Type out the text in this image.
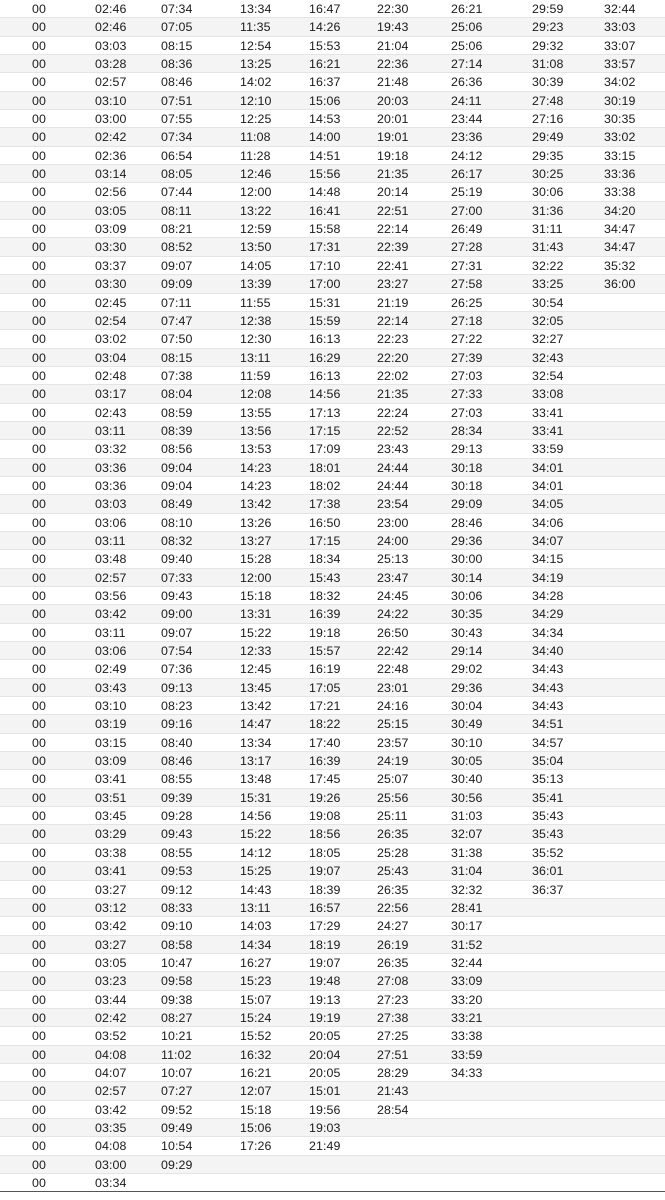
00	02:46	07:34	13:34	16:47	22:30	26:21	29:59	32:44
00	02:46	07:05	11:35	14:26	19:43	25:06	29:23	33:03
00	03:03	08:15	12:54	15:53	21:04	25:06	29:32	33:07
00	03:28	08:36	13:25	16:21	22:36	27:14	31:08	33:57
00	02:57	08:46	14:02	16:37	21:48	26:36	30:39	34:02
00	03:10	07:51	12:10	15:06	20:03	24:11	27:48	30:19
00	03:00	07:55	12:25	14:53	20:01	23:44	27:16	30:35
00	02:42	07:34	11:08	14:00	19:01	23:36	29:49	33:02
00	02:36	06:54	11:28	14:51	19:18	24:12	29:35	33:15
00	03:14	08:05	12:46	15:56	21:35	26:17	30:25	33:36
00	02:56	07:44	12:00	14:48	20:14	25:19	30:06	33:38
00	03:05	08:11	13:22	16:41	22:51	27:00	31:36	34:20
00	03:09	08:21	12:59	15:58	22:14	26:49	31:11	34:47
00	03:30	08:52	13:50	17:31	22:39	27:28	31:43	34:47
00	03:37	09:07	14:05	17:10	22:41	27:31	32:22	35:32
00	03:30	09:09	13:39	17:00	23:27	27:58	33:25	36:00
00	02:45	07:11	11:55	15:31	21:19	26:25	30:54
00	02:54	07:47	12:38	15:59	22:14	27:18	32:05
00	03:02	07:50	12:30	16:13	22:23	27:22	32:27
00	03:04	08:15	13:11	16:29	22:20	27:39	32:43
00	02:48	07:38	11:59	16:13	22:02	27:03	32:54
00	03:17	08:04	12:08	14:56	21:35	27:33	33:08
00	02:43	08:59	13:55	17:13	22:24	27:03	33:41
00	03:11	08:39	13:56	17:15	22:52	28:34	33:41
00	03:32	08:56	13:53	17:09	23:43	29:13	33:59
00	03:36	09:04	14:23	18:01	24:44	30:18	34:01
00	03:36	09:04	14:23	18:02	24:44	30:18	34:01
00	03:03	08:49	13:42	17:38	23:54	29:09	34:05
00	03:06	08:10	13:26	16:50	23:00	28:46	34:06
00	03:11	08:32	13:27	17:15	24:00	29:36	34:07
00	03:48	09:40	15:28	18:34	25:13	30:00	34:15
00	02:57	07:33	12:00	15:43	23:47	30:14	34:19
00	03:56	09:43	15:18	18:32	24:45	30:06	34:28
00	03:42	09:00	13:31	16:39	24:22	30:35	34:29
00	03:11	09:07	15:22	19:18	26:50	30:43	34:34
00	03:06	07:54	12:33	15:57	22:42	29:14	34:40
00	02:49	07:36	12:45	16:19	22:48	29:02	34:43
00	03:43	09:13	13:45	17:05	23:01	29:36	34:43
00	03:10	08:23	13:42	17:21	24:16	30:04	34:43
00	03:19	09:16	14:47	18:22	25:15	30:49	34:51
00	03:15	08:40	13:34	17:40	23:57	30:10	34:57
00	03:09	08:46	13:17	16:39	24:19	30:05	35:04
00	03:41	08:55	13:48	17:45	25:07	30:40	35:13
00	03:51	09:39	15:31	19:26	25:56	30:56	35:41
00	03:45	09:28	14:56	19:08	25:11	31:03	35:43
00	03:29	09:43	15:22	18:56	26:35	32:07	35:43
00	03:38	08:55	14:12	18:05	25:28	31:38	35:52
00	03:41	09:53	15:25	19:07	25:43	31:04	36:01
00	03:27	09:12	14:43	18:39	26:35	32:32	36:37
00	03:12	08:33	13:11	16:57	22:56	28:41
00	03:42	09:10	14:03	17:29	24:27	30:17
00	03:27	08:58	14:34	18:19	26:19	31:52
00	03:05	10:47	16:27	19:07	26:35	32:44
00	03:23	09:58	15:23	19:48	27:08	33:09
00	03:44	09:38	15:07	19:13	27:23	33:20
00	02:42	08:27	15:24	19:19	27:38	33:21
00	03:52	10:21	15:52	20:05	27:25	33:38
00	04:08	11:02	16:32	20:04	27:51	33:59
00	04:07	10:07	16:21	20:05	28:29	34:33
00	02:57	07:27	12:07	15:01	21:43
00	03:42	09:52	15:18	19:56	28:54
00	03:35	09:49	15:06	19:03
00	04:08	10:54	17:26	21:49
00	03:00	09:29
00	03:34
